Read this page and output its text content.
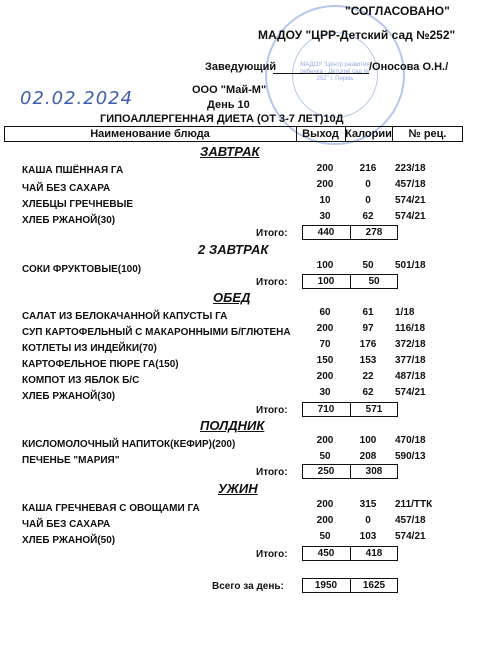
МАДОУ "Центр развития ребенка - Детский сад № 252" г. Пермь
"СОГЛАСОВАНО"
МАДОУ "ЦРР-Детский сад №252"
Заведующий	/Оносова О.Н./
02.02.2024	ООО "Май-М"
День 10
ГИПОАЛЛЕРГЕННАЯ ДИЕТА (ОТ 3-7 ЛЕТ)10Д
Наименование блюда	Выход Калории	№ рец.
ЗАВТРАК
КАША ПШЁННАЯ ГА	200	216	223/18
ЧАЙ БЕЗ САХАРА	200	0	457/18
ХЛЕБЦЫ ГРЕЧНЕВЫЕ	10	0	574/21
ХЛЕБ РЖАНОЙ(30)	30	62	574/21
Итого:	440	278
2 ЗАВТРАК
СОКИ ФРУКТОВЫЕ(100)	100	50	501/18
Итого:	100	50
ОБЕД
САЛАТ ИЗ БЕЛОКАЧАННОЙ КАПУСТЫ ГА	60	61	1/18
СУП КАРТОФЕЛЬНЫЙ С МАКАРОННЫМИ Б/ГЛЮТЕНА	200	97	116/18
КОТЛЕТЫ ИЗ ИНДЕЙКИ(70)	70	176	372/18
КАРТОФЕЛЬНОЕ ПЮРЕ ГА(150)	150	153	377/18
КОМПОТ ИЗ ЯБЛОК Б/С	200	22	487/18
ХЛЕБ РЖАНОЙ(30)	30	62	574/21
Итого:	710	571
ПОЛДНИК
КИСЛОМОЛОЧНЫЙ НАПИТОК(КЕФИР)(200)	200	100	470/18
ПЕЧЕНЬЕ "МАРИЯ"	50	208	590/13
Итого:	250	308
УЖИН
КАША ГРЕЧНЕВАЯ С ОВОЩАМИ ГА	200	315	211/ТТК
ЧАЙ БЕЗ САХАРА	200	0	457/18
ХЛЕБ РЖАНОЙ(50)	50	103	574/21
Итого:	450	418
Всего за день:	1950	1625
